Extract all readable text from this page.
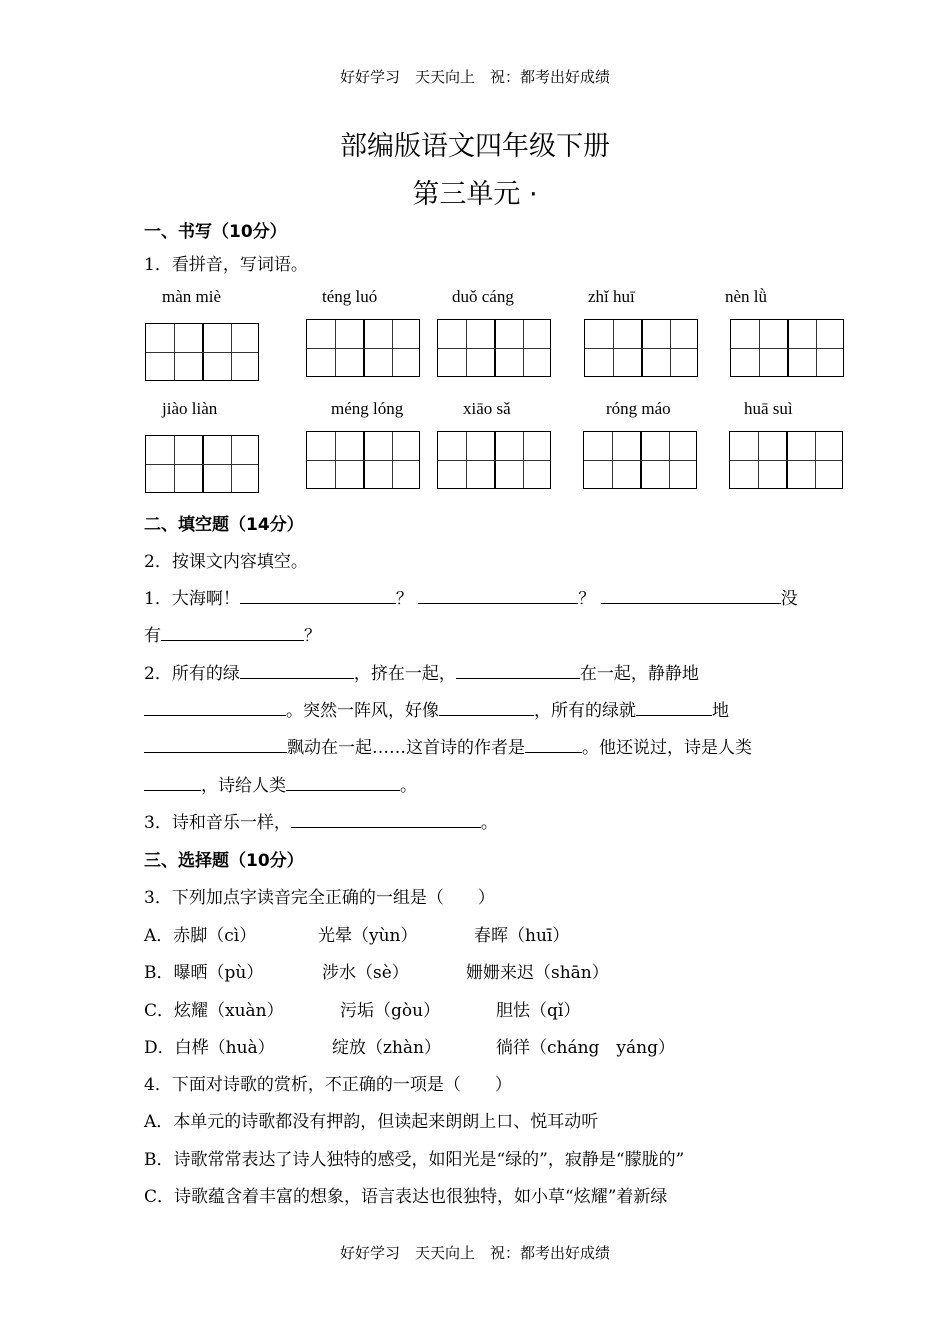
好好学习　天天向上　祝：都考出好成绩
部编版语文四年级下册
第三单元 ·
一、书写（10分）
1．看拼音，写词语。
màn miè	téng luó	duǒ cáng	zhǐ huī	nèn lǜ
jiào liàn	méng lóng	xiāo sǎ	róng máo	huā suì
二、填空题（14分）
2．按课文内容填空。
1．大海啊！	？	？	没
有	？
2．所有的绿	，挤在一起，	在一起，静静地
。突然一阵风，好像	，所有的绿就	地
飘动在一起……这首诗的作者是	。他还说过，诗是人类
，诗给人类	。
3．诗和音乐一样，	。
三、选择题（10分）
3．下列加点字读音完全正确的一组是（　　）
A．赤脚（cì）	光晕（yùn）	春晖（huī）
B．曝晒（pù）	涉水（sè）	姗姗来迟（shān）
C．炫耀（xuàn）	污垢（gòu）	胆怯（qǐ）
D．白桦（huà）	绽放（zhàn）	徜徉（cháng　yáng）
4．下面对诗歌的赏析，不正确的一项是（　　）
A．本单元的诗歌都没有押韵，但读起来朗朗上口、悦耳动听
B．诗歌常常表达了诗人独特的感受，如阳光是“绿的”，寂静是“朦胧的”
C．诗歌蕴含着丰富的想象，语言表达也很独特，如小草“炫耀”着新绿
好好学习　天天向上　祝：都考出好成绩
